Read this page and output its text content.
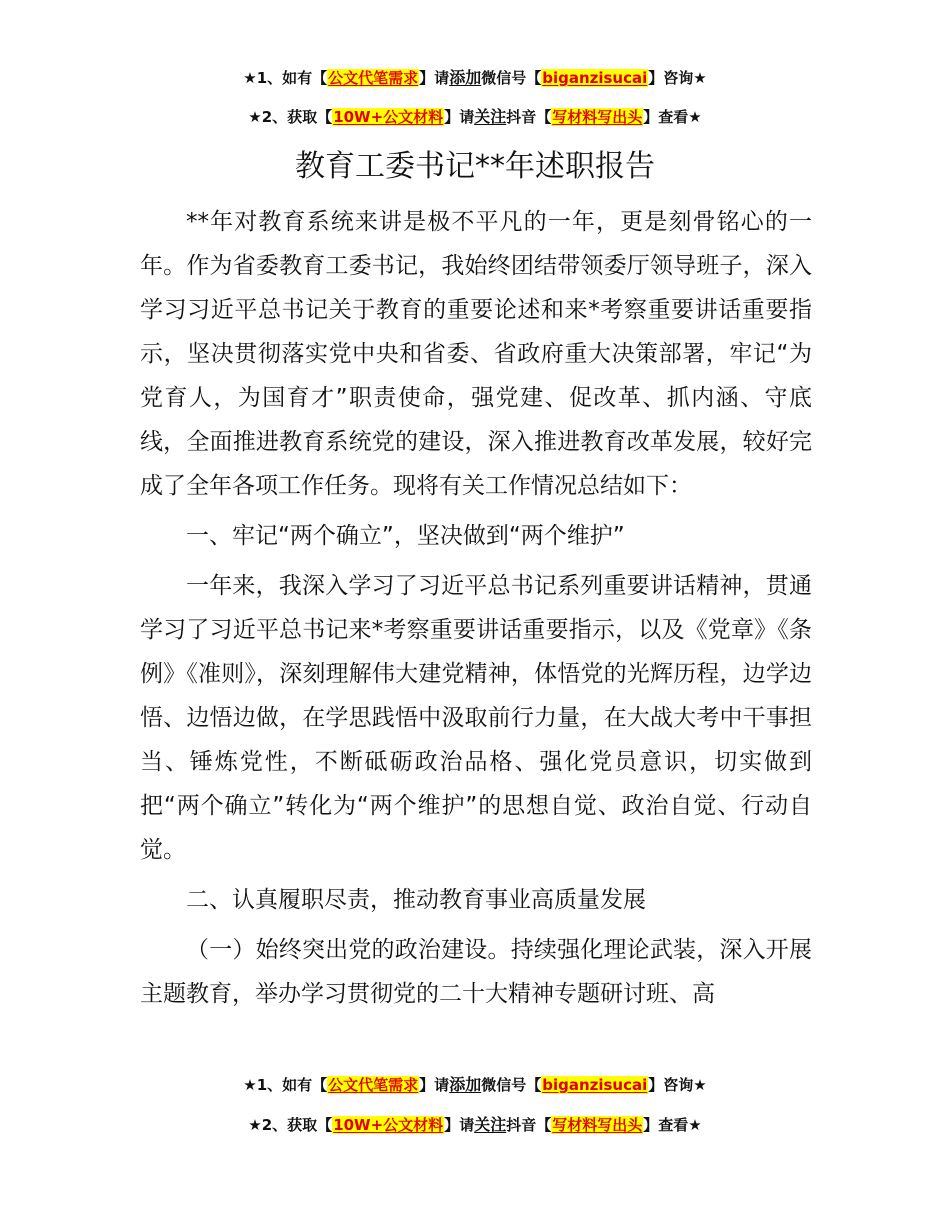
★1、如有【公文代笔需求】请添加微信号【biganzisucai】咨询★
★2、获取【10W+公文材料】请关注抖音【写材料写出头】查看★
教育工委书记**年述职报告

**年对教育系统来讲是极不平凡的一年，更是刻骨铭心的一年。作为省委教育工委书记，我始终团结带领委厅领导班子，深入学习习近平总书记关于教育的重要论述和来*考察重要讲话重要指示，坚决贯彻落实党中央和省委、省政府重大决策部署，牢记“为党育人，为国育才”职责使命，强党建、促改革、抓内涵、守底线，全面推进教育系统党的建设，深入推进教育改革发展，较好完成了全年各项工作任务。现将有关工作情况总结如下：

一、牢记“两个确立”，坚决做到“两个维护”

一年来，我深入学习了习近平总书记系列重要讲话精神，贯通学习了习近平总书记来*考察重要讲话重要指示，以及《党章》《条例》《准则》，深刻理解伟大建党精神，体悟党的光辉历程，边学边悟、边悟边做，在学思践悟中汲取前行力量，在大战大考中干事担当、锤炼党性，不断砥砺政治品格、强化党员意识，切实做到把“两个确立”转化为“两个维护”的思想自觉、政治自觉、行动自觉。

二、认真履职尽责，推动教育事业高质量发展

（一）始终突出党的政治建设。持续强化理论武装，深入开展主题教育，举办学习贯彻党的二十大精神专题研讨班、高

★1、如有【公文代笔需求】请添加微信号【biganzisucai】咨询★
★2、获取【10W+公文材料】请关注抖音【写材料写出头】查看★
